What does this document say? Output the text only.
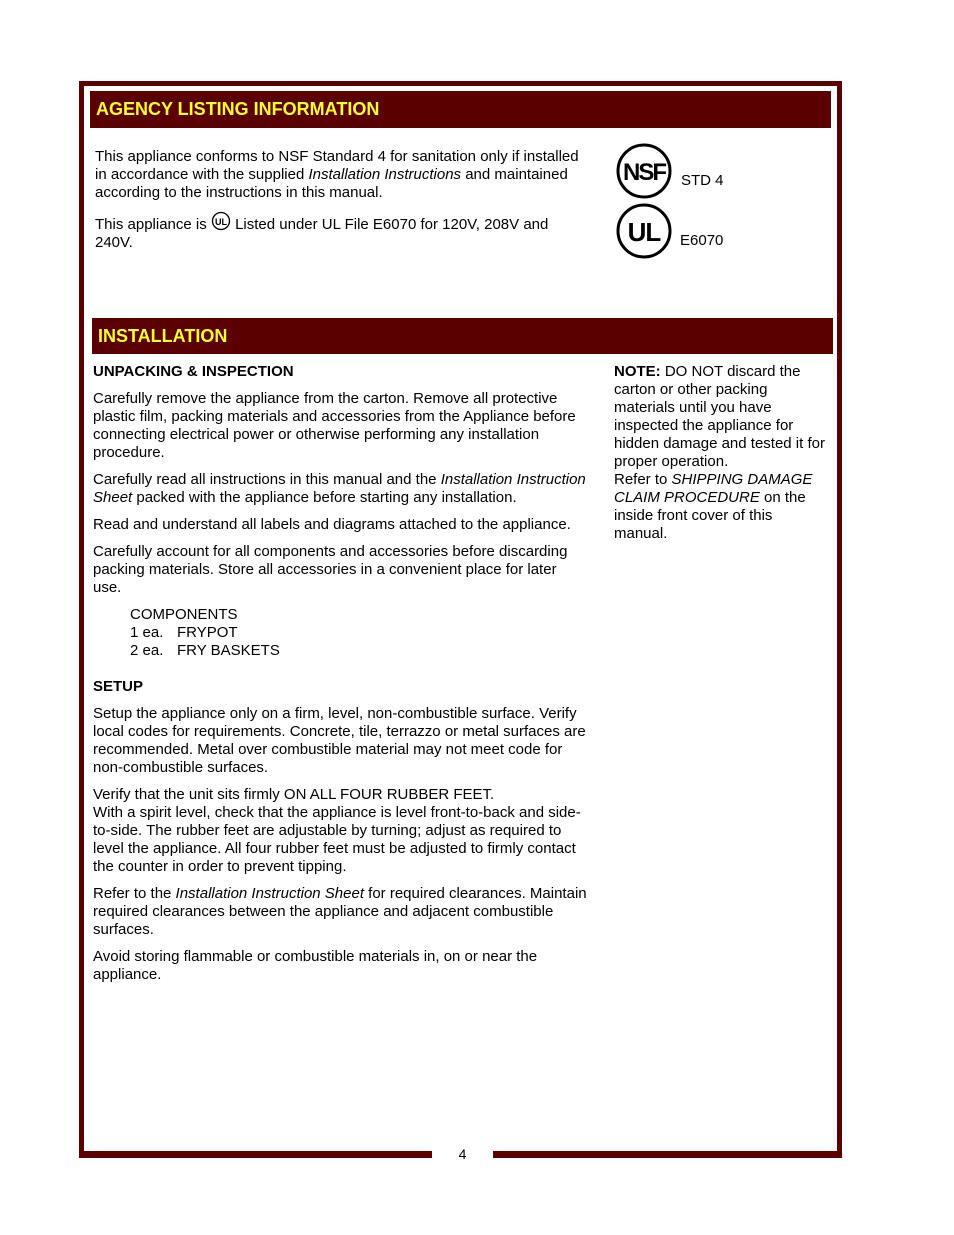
4
AGENCY LISTING INFORMATION

This appliance conforms to NSF Standard 4 for sanitation only if installed in accordance with the supplied Installation Instructions and maintained according to the instructions in this manual.

This appliance is UL Listed under UL File E6070 for 120V, 208V and 240V.

NSF STD 4
UL E6070
INSTALLATION

UNPACKING & INSPECTION

Carefully remove the appliance from the carton. Remove all protective plastic film, packing materials and accessories from the Appliance before connecting electrical power or otherwise performing any installation procedure.

Carefully read all instructions in this manual and the Installation Instruction Sheet packed with the appliance before starting any installation.

Read and understand all labels and diagrams attached to the appliance.

Carefully account for all components and accessories before discarding packing materials. Store all accessories in a convenient place for later use.

COMPONENTS
1 ea. FRYPOT
2 ea. FRY BASKETS

SETUP

Setup the appliance only on a firm, level, non-combustible surface. Verify local codes for requirements. Concrete, tile, terrazzo or metal surfaces are recommended. Metal over combustible material may not meet code for non-combustible surfaces.

Verify that the unit sits firmly ON ALL FOUR RUBBER FEET.
With a spirit level, check that the appliance is level front-to-back and side-to-side. The rubber feet are adjustable by turning; adjust as required to level the appliance. All four rubber feet must be adjusted to firmly contact the counter in order to prevent tipping.

Refer to the Installation Instruction Sheet for required clearances. Maintain required clearances between the appliance and adjacent combustible surfaces.

Avoid storing flammable or combustible materials in, on or near the appliance.

NOTE: DO NOT discard the carton or other packing materials until you have inspected the appliance for hidden damage and tested it for proper operation.
Refer to SHIPPING DAMAGE CLAIM PROCEDURE on the inside front cover of this manual.
